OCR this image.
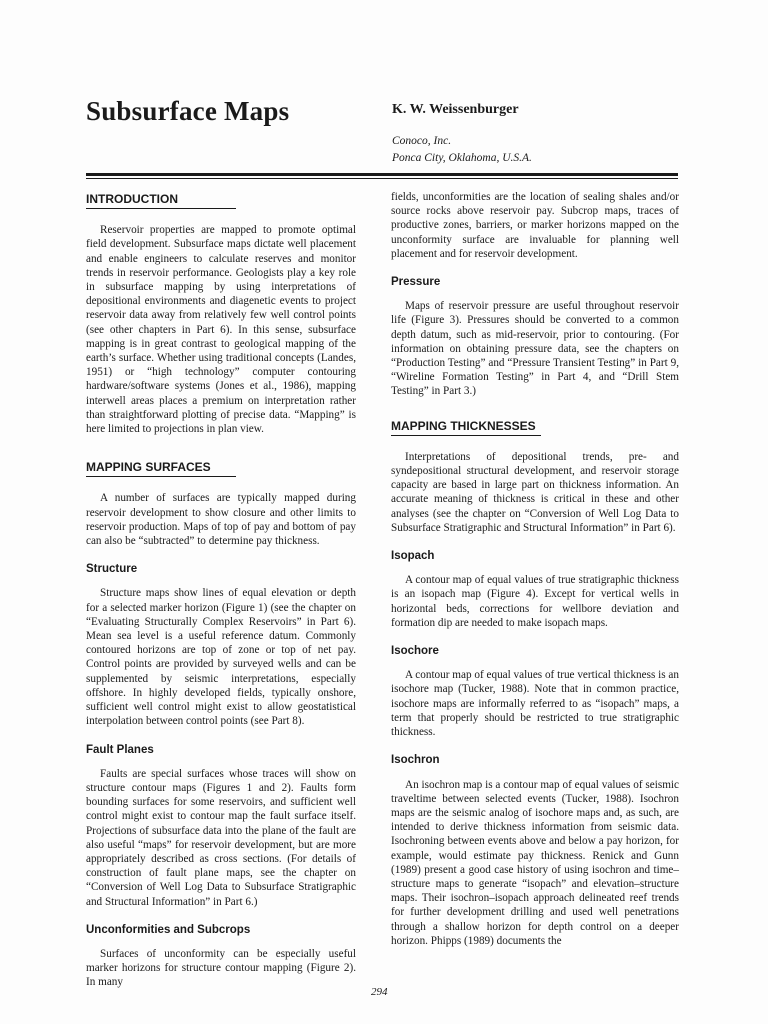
Subsurface Maps	K. W. Weissenburger
Conoco, Inc.
Ponca City, Oklahoma, U.S.A.
INTRODUCTION

Reservoir properties are mapped to promote optimal field development. Subsurface maps dictate well placement and enable engineers to calculate reserves and monitor trends in reservoir performance. Geologists play a key role in subsurface mapping by using interpretations of depositional environments and diagenetic events to project reservoir data away from relatively few well control points (see other chapters in Part 6). In this sense, subsurface mapping is in great contrast to geological mapping of the earth’s surface. Whether using traditional concepts (Landes, 1951) or “high technology” computer contouring hardware/software systems (Jones et al., 1986), mapping interwell areas places a premium on interpretation rather than straightforward plotting of precise data. “Mapping” is here limited to projections in plan view.

MAPPING SURFACES

A number of surfaces are typically mapped during reservoir development to show closure and other limits to reservoir production. Maps of top of pay and bottom of pay can also be “subtracted” to determine pay thickness.

Structure

Structure maps show lines of equal elevation or depth for a selected marker horizon (Figure 1) (see the chapter on “Evaluating Structurally Complex Reservoirs” in Part 6). Mean sea level is a useful reference datum. Commonly contoured horizons are top of zone or top of net pay. Control points are provided by surveyed wells and can be supplemented by seismic interpretations, especially offshore. In highly developed fields, typically onshore, sufficient well control might exist to allow geostatistical interpolation between control points (see Part 8).

Fault Planes

Faults are special surfaces whose traces will show on structure contour maps (Figures 1 and 2). Faults form bounding surfaces for some reservoirs, and sufficient well control might exist to contour map the fault surface itself. Projections of subsurface data into the plane of the fault are also useful “maps” for reservoir development, but are more appropriately described as cross sections. (For details of construction of fault plane maps, see the chapter on “Conversion of Well Log Data to Subsurface Stratigraphic and Structural Information” in Part 6.)

Unconformities and Subcrops

Surfaces of unconformity can be especially useful marker horizons for structure contour mapping (Figure 2). In many

fields, unconformities are the location of sealing shales and/or source rocks above reservoir pay. Subcrop maps, traces of productive zones, barriers, or marker horizons mapped on the unconformity surface are invaluable for planning well placement and for reservoir development.

Pressure

Maps of reservoir pressure are useful throughout reservoir life (Figure 3). Pressures should be converted to a common depth datum, such as mid-reservoir, prior to contouring. (For information on obtaining pressure data, see the chapters on “Production Testing” and “Pressure Transient Testing” in Part 9, “Wireline Formation Testing” in Part 4, and “Drill Stem Testing” in Part 3.)

MAPPING THICKNESSES

Interpretations of depositional trends, pre- and syndepositional structural development, and reservoir storage capacity are based in large part on thickness information. An accurate meaning of thickness is critical in these and other analyses (see the chapter on “Conversion of Well Log Data to Subsurface Stratigraphic and Structural Information” in Part 6).

Isopach

A contour map of equal values of true stratigraphic thickness is an isopach map (Figure 4). Except for vertical wells in horizontal beds, corrections for wellbore deviation and formation dip are needed to make isopach maps.

Isochore

A contour map of equal values of true vertical thickness is an isochore map (Tucker, 1988). Note that in common practice, isochore maps are informally referred to as “isopach” maps, a term that properly should be restricted to true stratigraphic thickness.

Isochron

An isochron map is a contour map of equal values of seismic traveltime between selected events (Tucker, 1988). Isochron maps are the seismic analog of isochore maps and, as such, are intended to derive thickness information from seismic data. Isochroning between events above and below a pay horizon, for example, would estimate pay thickness. Renick and Gunn (1989) present a good case history of using isochron and time–structure maps to generate “isopach” and elevation–structure maps. Their isochron–isopach approach delineated reef trends for further development drilling and used well penetrations through a shallow horizon for depth control on a deeper horizon. Phipps (1989) documents the

294
